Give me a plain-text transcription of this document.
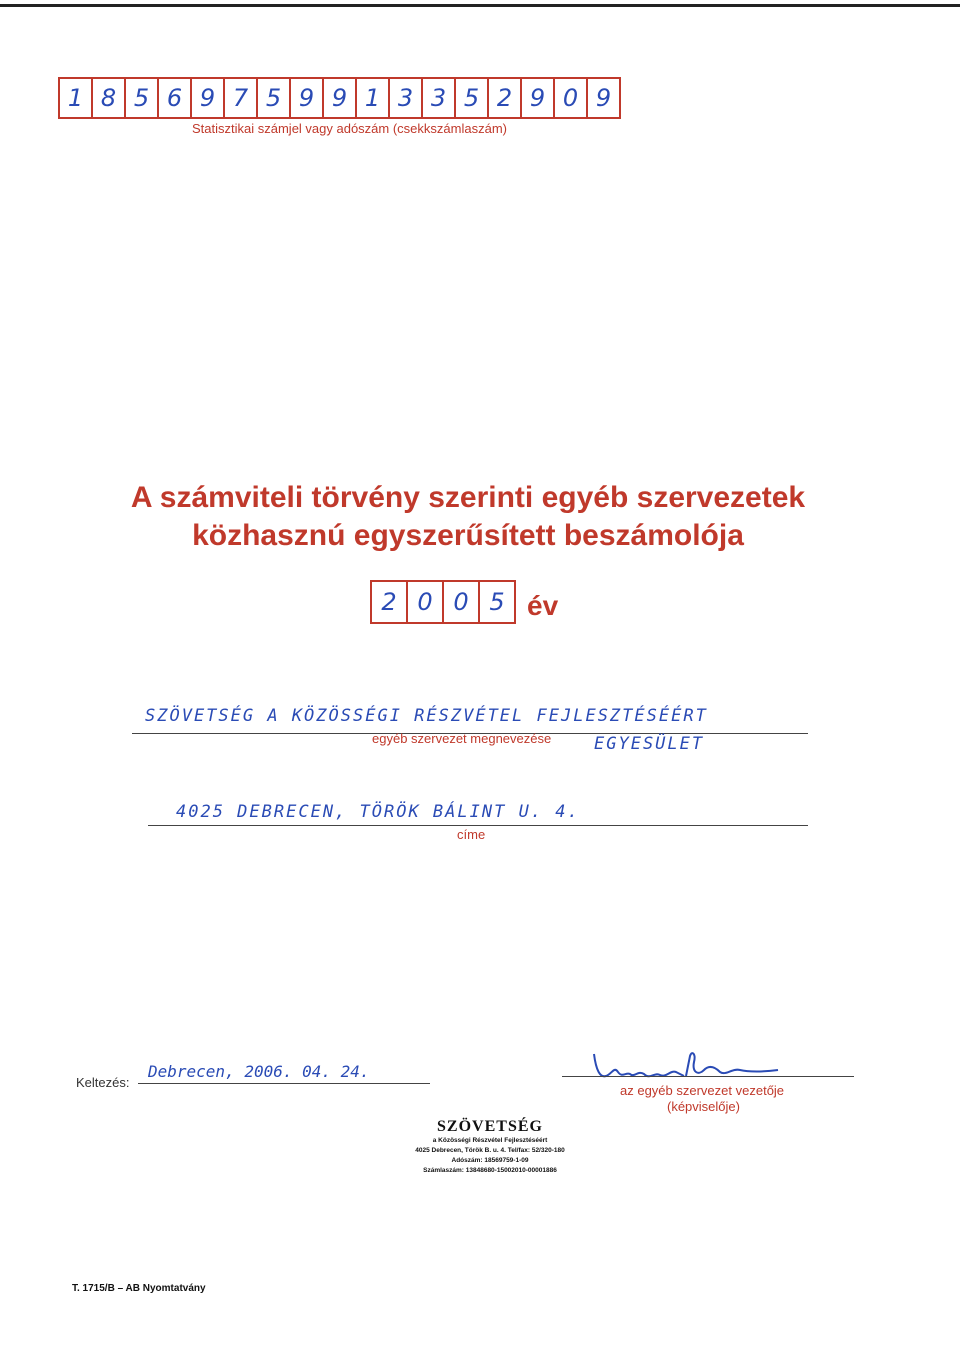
1 8 5 6 9 7 5 9 9 1 3 3 5 2 9 0 9
Statisztikai számjel vagy adószám (csekkszámlaszám)
A számviteli törvény szerinti egyéb szervezetek
közhasznú egyszerűsített beszámolója
2 0 0 5 év
SZÖVETSÉG A KÖZÖSSÉGI RÉSZVÉTEL FEJLESZTÉSÉÉRT
egyéb szervezet megnevezése	EGYESÜLET
4025 DEBRECEN, TÖRÖK BÁLINT U. 4.
címe
Keltezés:
Debrecen, 2006. 04. 24.
az egyéb szervezet vezetője
(képviselője)
SZÖVETSÉG
a Közösségi Részvétel Fejlesztéséért
4025 Debrecen, Török B. u. 4. Tel/fax: 52/320-180
Adószám: 18569759-1-09
Számlaszám: 13848680-15002010-00001886
T. 1715/B – AB Nyomtatvány
